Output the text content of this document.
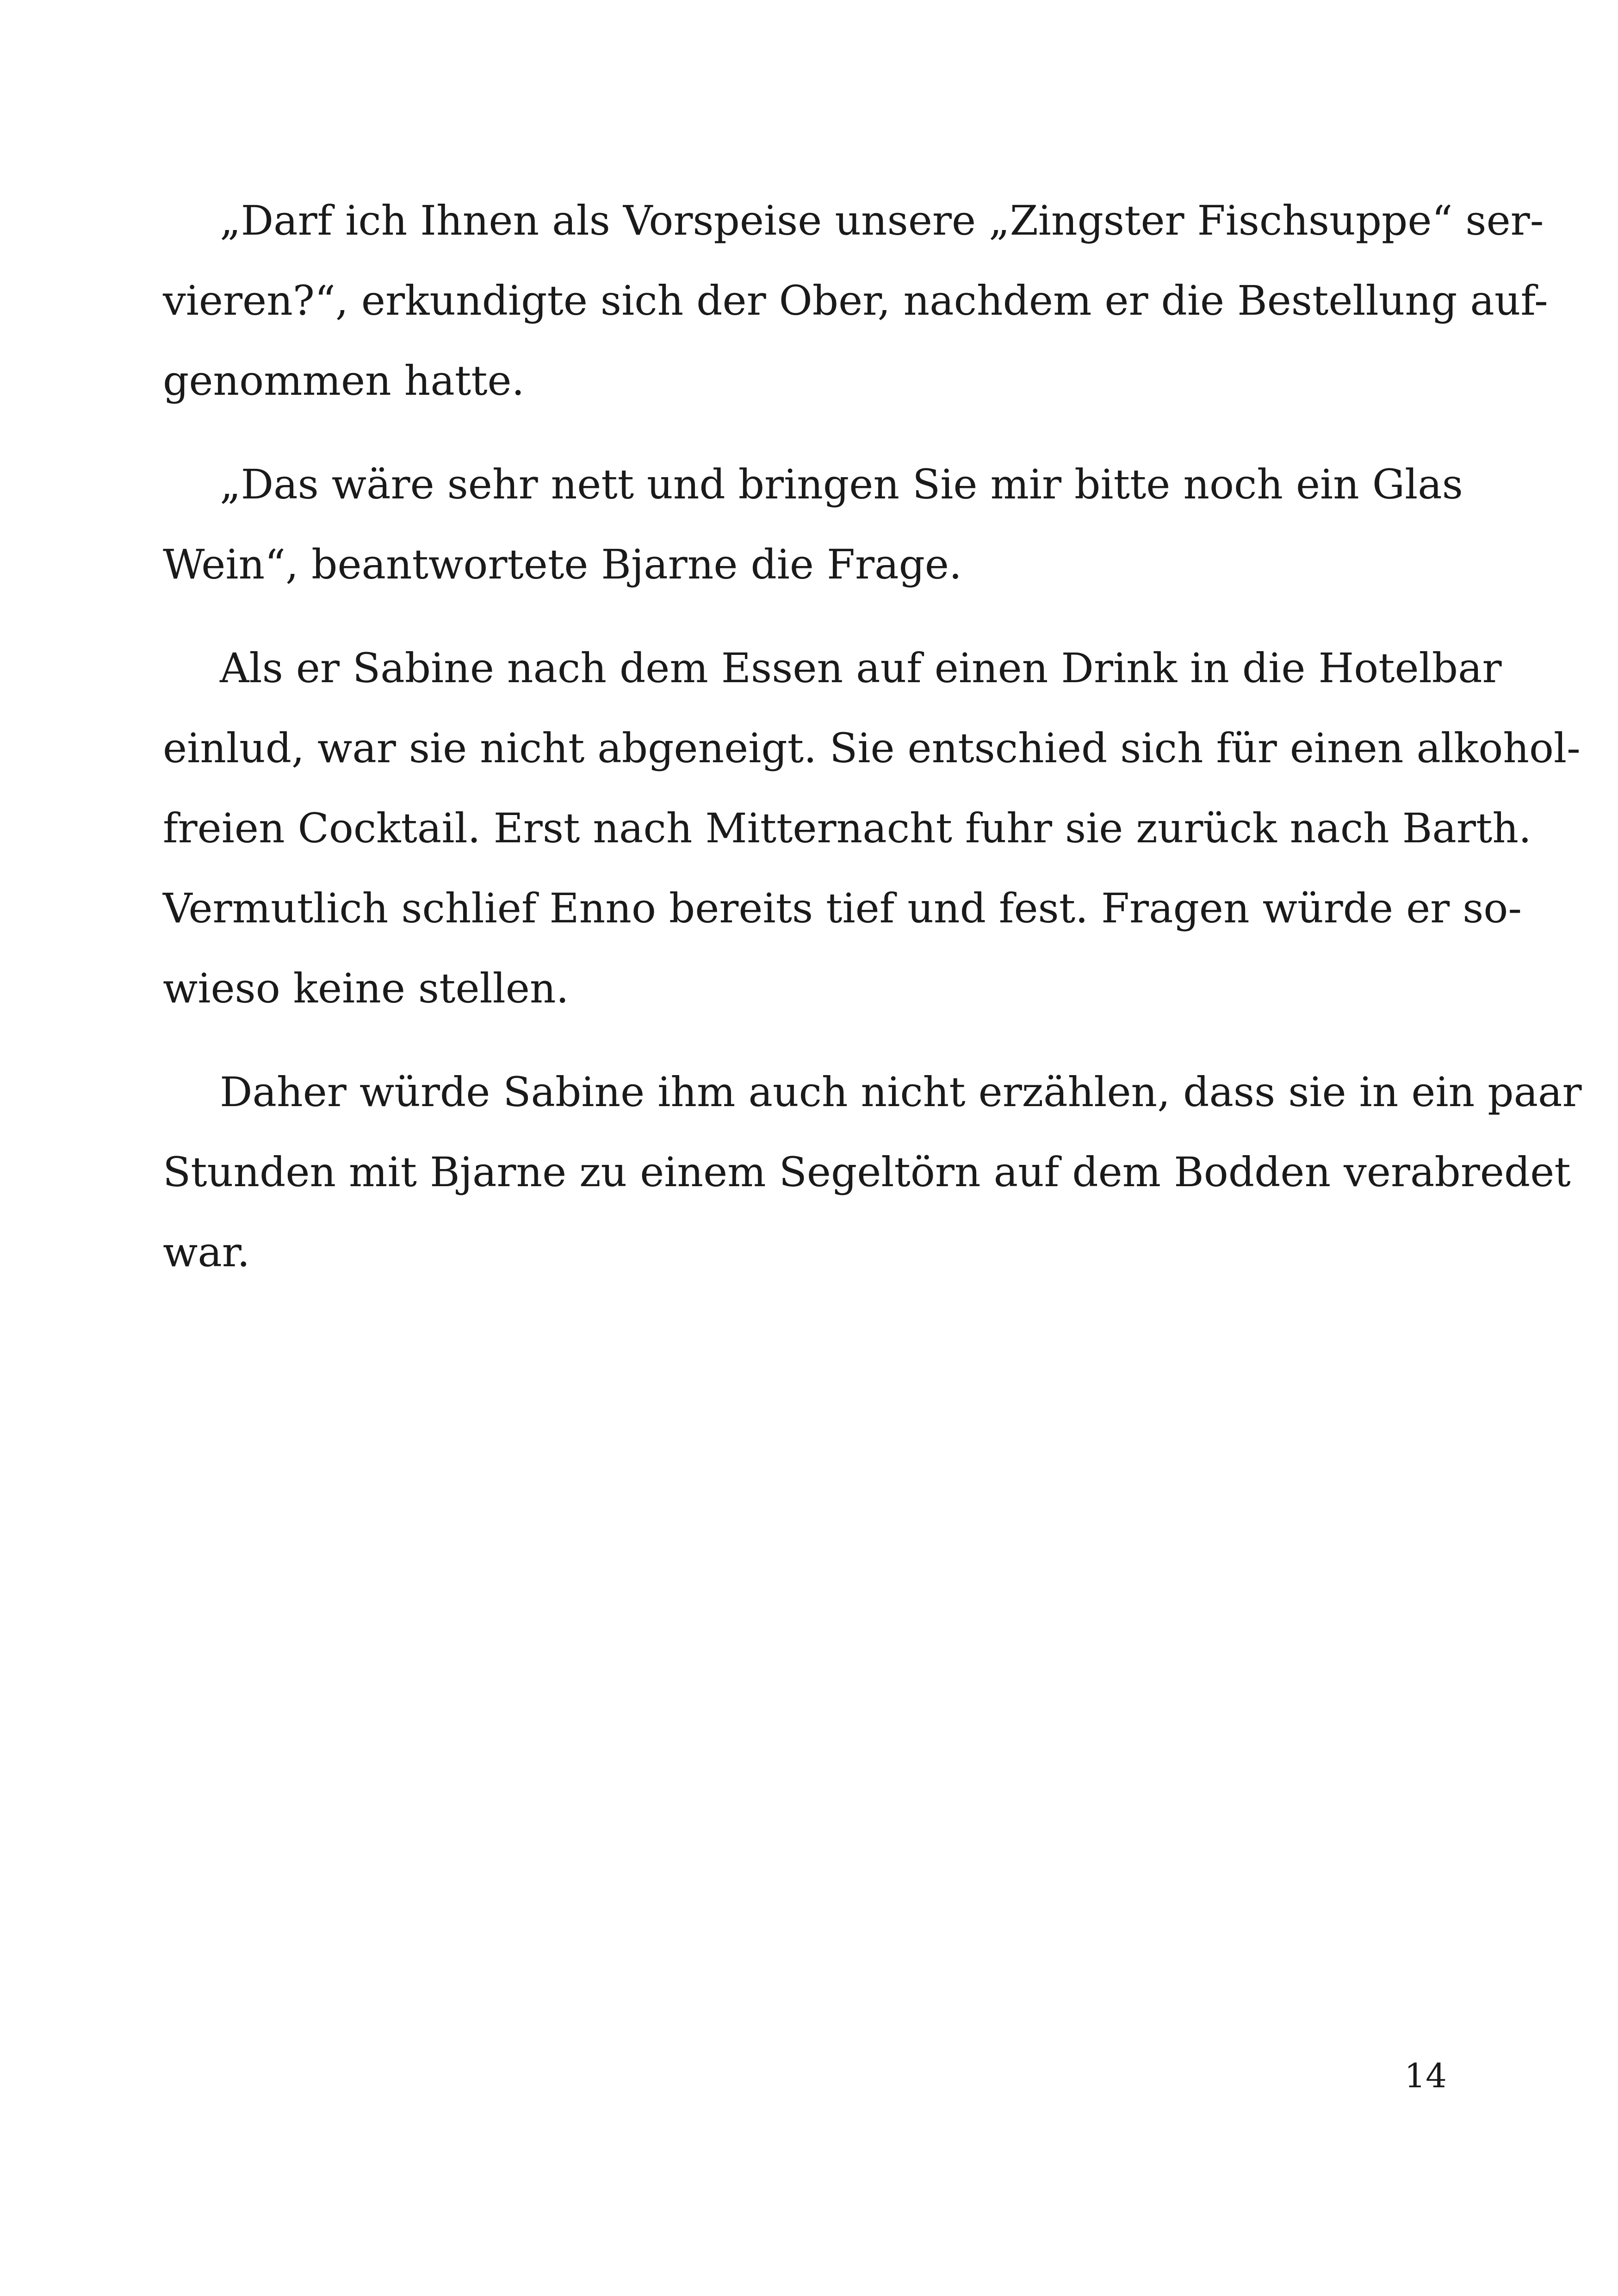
„Darf ich Ihnen als Vorspeise unsere „Zingster Fischsuppe“ ser-
vieren?“, erkundigte sich der Ober, nachdem er die Bestellung auf-
genommen hatte.
„Das wäre sehr nett und bringen Sie mir bitte noch ein Glas
Wein“, beantwortete Bjarne die Frage.
Als er Sabine nach dem Essen auf einen Drink in die Hotelbar
einlud, war sie nicht abgeneigt. Sie entschied sich für einen alkohol-
freien Cocktail. Erst nach Mitternacht fuhr sie zurück nach Barth.
Vermutlich schlief Enno bereits tief und fest. Fragen würde er so-
wieso keine stellen.
Daher würde Sabine ihm auch nicht erzählen, dass sie in ein paar
Stunden mit Bjarne zu einem Segeltörn auf dem Bodden verabredet
war.
14
